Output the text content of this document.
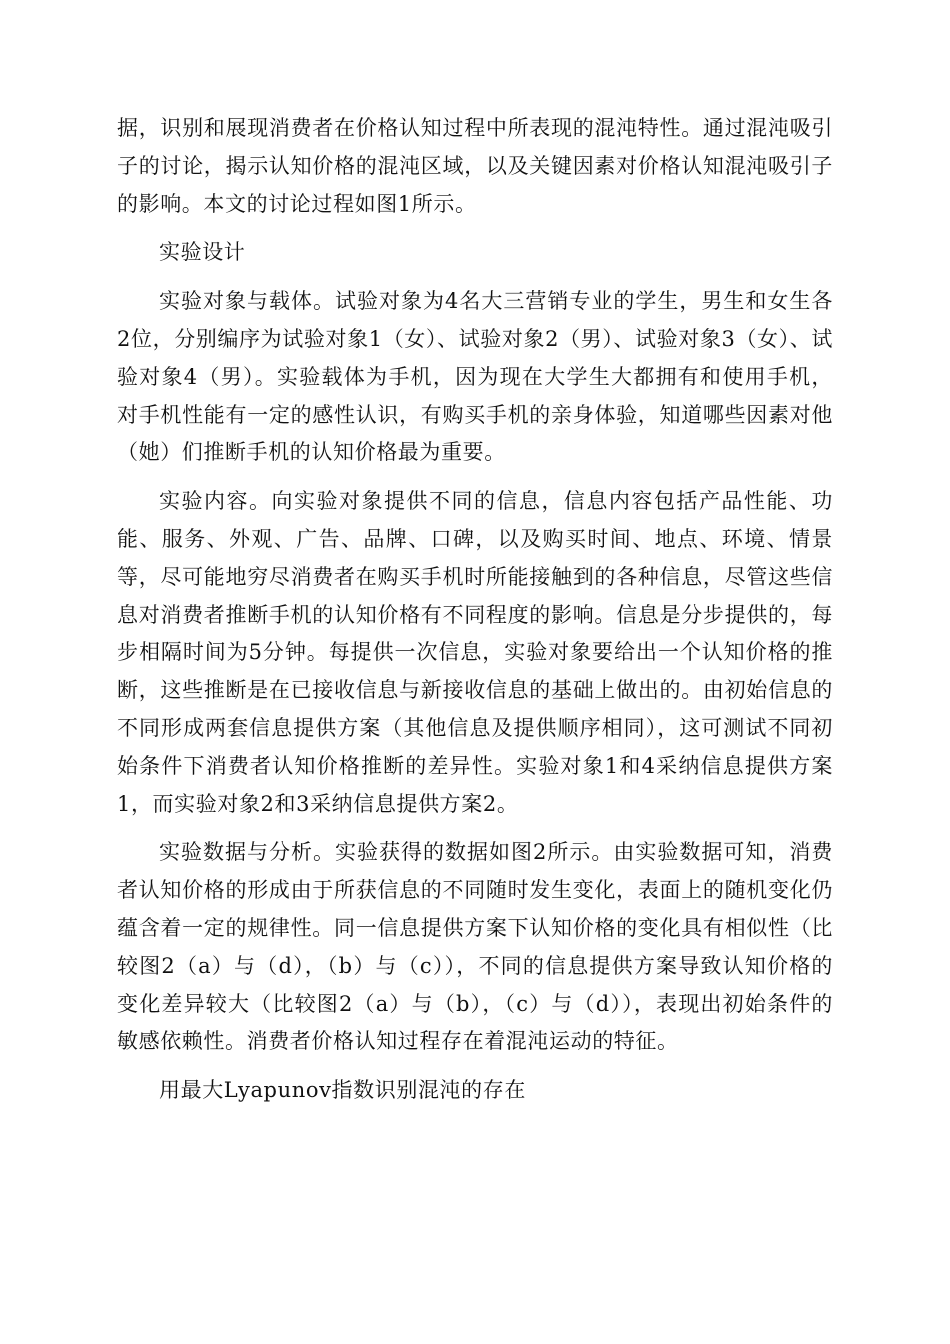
据，识别和展现消费者在价格认知过程中所表现的混沌特性。通过混沌吸引子的讨论，揭示认知价格的混沌区域，以及关键因素对价格认知混沌吸引子的影响。本文的讨论过程如图1所示。

实验设计

实验对象与载体。试验对象为4名大三营销专业的学生，男生和女生各2位，分别编序为试验对象1（女）、试验对象2（男）、试验对象3（女）、试验对象4（男）。实验载体为手机，因为现在大学生大都拥有和使用手机，对手机性能有一定的感性认识，有购买手机的亲身体验，知道哪些因素对他（她）们推断手机的认知价格最为重要。

实验内容。向实验对象提供不同的信息，信息内容包括产品性能、功能、服务、外观、广告、品牌、口碑，以及购买时间、地点、环境、情景等，尽可能地穷尽消费者在购买手机时所能接触到的各种信息，尽管这些信息对消费者推断手机的认知价格有不同程度的影响。信息是分步提供的，每步相隔时间为5分钟。每提供一次信息，实验对象要给出一个认知价格的推断，这些推断是在已接收信息与新接收信息的基础上做出的。由初始信息的不同形成两套信息提供方案（其他信息及提供顺序相同），这可测试不同初始条件下消费者认知价格推断的差异性。实验对象1和4采纳信息提供方案1，而实验对象2和3采纳信息提供方案2。

实验数据与分析。实验获得的数据如图2所示。由实验数据可知，消费者认知价格的形成由于所获信息的不同随时发生变化，表面上的随机变化仍蕴含着一定的规律性。同一信息提供方案下认知价格的变化具有相似性（比较图2（a）与（d），（b）与（c）），不同的信息提供方案导致认知价格的变化差异较大（比较图2（a）与（b），（c）与（d）），表现出初始条件的敏感依赖性。消费者价格认知过程存在着混沌运动的特征。

用最大Lyapunov指数识别混沌的存在
